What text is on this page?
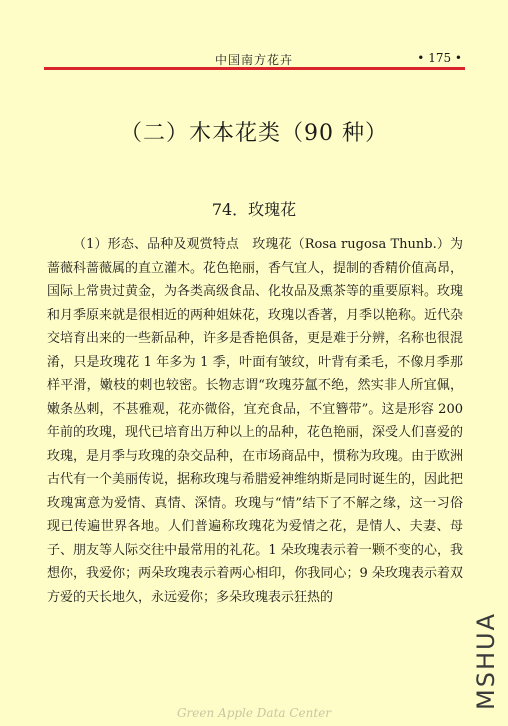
中国南方花卉	• 175 •
（二）木本花类（90 种）
74．玫瑰花

（1）形态、品种及观赏特点　玫瑰花（Rosa rugosa Thunb.）为蔷薇科蔷薇属的直立灌木。花色艳丽，香气宜人，提制的香精价值高昂，国际上常贵过黄金，为各类高级食品、化妆品及熏茶等的重要原料。玫瑰和月季原来就是很相近的两种姐妹花，玫瑰以香著，月季以艳称。近代杂交培育出来的一些新品种，许多是香艳俱备，更是难于分辨，名称也很混淆，只是玫瑰花 1 年多为 1 季，叶面有皱纹，叶背有柔毛，不像月季那样平滑，嫩枝的刺也较密。长物志谓“玫瑰芬氲不绝，然实非人所宜佩，嫩条丛刺，不甚雅观，花亦微俗，宜充食品，不宜簪带”。这是形容 200 年前的玫瑰，现代已培育出万种以上的品种，花色艳丽，深受人们喜爱的玫瑰，是月季与玫瑰的杂交品种，在市场商品中，惯称为玫瑰。由于欧洲古代有一个美丽传说，据称玫瑰与希腊爱神维纳斯是同时诞生的，因此把玫瑰寓意为爱情、真情、深情。玫瑰与“情”结下了不解之缘，这一习俗现已传遍世界各地。人们普遍称玫瑰花为爱情之花，是情人、夫妻、母子、朋友等人际交往中最常用的礼花。1 朵玫瑰表示着一颗不变的心，我想你，我爱你；两朵玫瑰表示着两心相印，你我同心；9 朵玫瑰表示着双方爱的天长地久，永远爱你；多朵玫瑰表示狂热的

MSHUA
Green Apple Data Center
